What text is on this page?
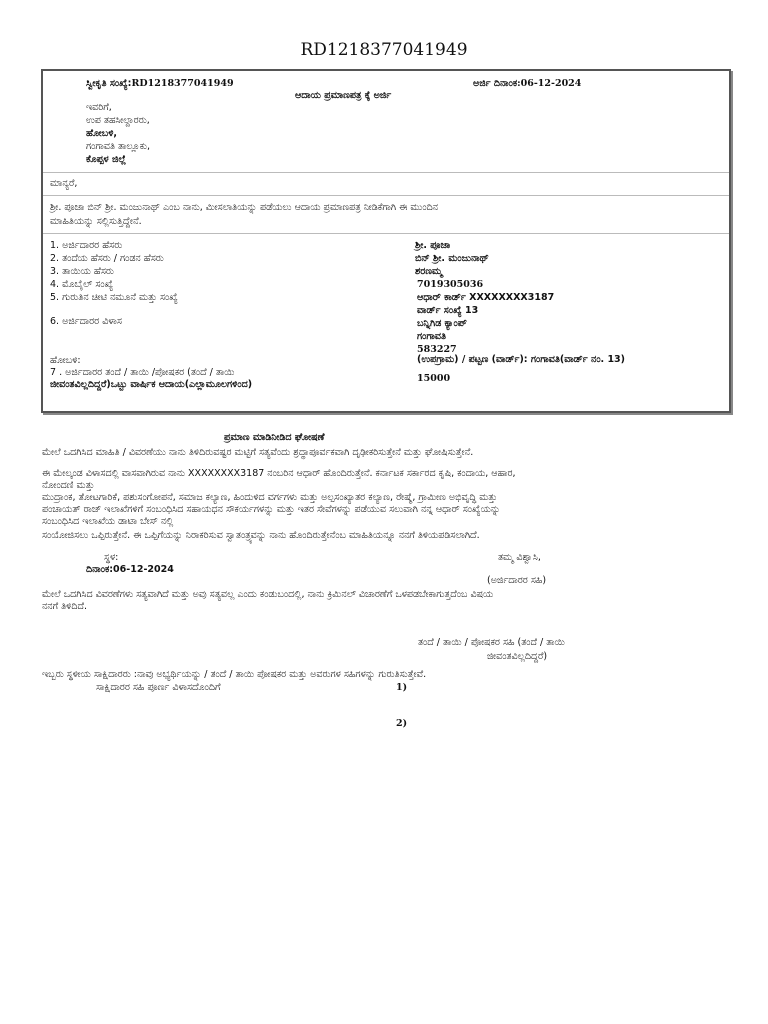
RD1218377041949
ಸ್ವೀಕೃತಿ ಸಂಖ್ಯೆ:RD1218377041949	ಅರ್ಜಿ ದಿನಾಂಕ:06-12-2024
ಆದಾಯ ಪ್ರಮಾಣಪತ್ರ ಕ್ಕೆ ಅರ್ಜಿ
ಇವರಿಗೆ,
ಉಪ ತಹಸೀಲ್ದಾರರು,
ಹೋಬಳಿ,
ಗಂಗಾವತಿ ತಾಲ್ಲೂಕು,
ಕೊಪ್ಪಳ ಜಿಲ್ಲೆ
ಮಾನ್ಯರೆ,
ಶ್ರೀ. ಪೂಜಾ ಬಿನ್ ಶ್ರೀ. ಮಂಜುನಾಥ್ ಎಂಬ ನಾನು, ಮೀಸಲಾತಿಯನ್ನು ಪಡೆಯಲು ಆದಾಯ ಪ್ರಮಾಣಪತ್ರ ನೀಡಿಕೆಗಾಗಿ ಈ ಮುಂದಿನ
ಮಾಹಿತಿಯನ್ನು ಸಲ್ಲಿಸುತ್ತಿದ್ದೇನೆ.
1. ಅರ್ಜಿದಾರರ ಹೆಸರು
2. ತಂದೆಯ ಹೆಸರು / ಗಂಡನ ಹೆಸರು
3. ತಾಯಿಯ ಹೆಸರು
4. ಮೊಬೈಲ್ ಸಂಖ್ಯೆ
5. ಗುರುತಿನ ಚೀಟಿ ನಮೂನೆ ಮತ್ತು ಸಂಖ್ಯೆ
6. ಅರ್ಜಿದಾರರ ವಿಳಾಸ
ಹೋಬಳಿ:
7 . ಅರ್ಜಿದಾರರ ತಂದೆ / ತಾಯಿ /ಪೋಷಕರ (ತಂದೆ / ತಾಯಿ
ಜೀವಂತವಿಲ್ಲದಿದ್ದರೆ)ಒಟ್ಟು ವಾರ್ಷಿಕ ಆದಾಯ(ಎಲ್ಲಾಮೂಲಗಳಿಂದ)
ಶ್ರೀ. ಪೂಜಾ
ಬಿನ್ ಶ್ರೀ. ಮಂಜುನಾಥ್
ಶರಣಮ್ಮ
7019305036
ಆಧಾರ್ ಕಾರ್ಡ್ XXXXXXXX3187
ವಾರ್ಡ್ ಸಂಖ್ಯೆ 13
ಬನ್ನಿಗಿಡ ಕ್ಯಾಂಪ್
ಗಂಗಾವತಿ
583227
(ಉಪಗ್ರಾಮ) / ಪಟ್ಟಣ (ವಾರ್ಡ್): ಗಂಗಾವತಿ(ವಾರ್ಡ್ ನಂ. 13)
15000
ಪ್ರಮಾಣ ಮಾಡಿನೀಡಿದ ಘೋಷಣೆ
ಮೇಲೆ ಒದಗಿಸಿದ ಮಾಹಿತಿ / ವಿವರಣೆಯು ನಾನು ತಿಳಿದಿರುವಷ್ಟರ ಮಟ್ಟಿಗೆ ಸತ್ಯವೆಂದು ಶ್ರದ್ಧಾಪೂರ್ವಕವಾಗಿ ದೃಢೀಕರಿಸುತ್ತೇನೆ ಮತ್ತು ಘೋಷಿಸುತ್ತೇನೆ.
ಈ ಮೇಲ್ಕಂಡ ವಿಳಾಸದಲ್ಲಿ ವಾಸವಾಗಿರುವ ನಾನು XXXXXXXX3187 ನಂಬರಿನ ಆಧಾರ್ ಹೊಂದಿರುತ್ತೇನೆ. ಕರ್ನಾಟಕ ಸರ್ಕಾರದ ಕೃಷಿ, ಕಂದಾಯ, ಆಹಾರ,
ನೋಂದಣಿ ಮತ್ತು
ಮುದ್ರಾಂಕ, ತೋಟಗಾರಿಕೆ, ಪಶುಸಂಗೋಪನೆ, ಸಮಾಜ ಕಲ್ಯಾಣ, ಹಿಂದುಳಿದ ವರ್ಗಗಳು ಮತ್ತು ಅಲ್ಪಸಂಖ್ಯಾತರ ಕಲ್ಯಾಣ, ರೇಷ್ಮೆ, ಗ್ರಾಮೀಣ ಅಭಿವೃದ್ಧಿ ಮತ್ತು
ಪಂಚಾಯತ್ ರಾಜ್ ಇಲಾಖೆಗಳಿಗೆ ಸಂಬಂಧಿಸಿದ ಸಹಾಯಧನ ಸೌಕರ್ಯಗಳನ್ನು ಮತ್ತು ಇತರ ಸೇವೆಗಳನ್ನು ಪಡೆಯುವ ಸಲುವಾಗಿ ನನ್ನ ಆಧಾರ್ ಸಂಖ್ಯೆಯನ್ನು
ಸಂಬಂಧಿಸಿದ ಇಲಾಖೆಯ ಡಾಟಾ ಬೇಸ್ ನಲ್ಲಿ
ಸಂಯೋಜಿಸಲು ಒಪ್ಪಿರುತ್ತೇನೆ. ಈ ಒಪ್ಪಿಗೆಯನ್ನು ನಿರಾಕರಿಸುವ ಸ್ವಾತಂತ್ರ್ಯವನ್ನು ನಾನು ಹೊಂದಿರುತ್ತೇನೆಂಬ ಮಾಹಿತಿಯನ್ನೂ ನನಗೆ ತಿಳಿಯಪಡಿಸಲಾಗಿದೆ.
ಸ್ಥಳ:
ದಿನಾಂಕ:06-12-2024
ತಮ್ಮ ವಿಶ್ವಾಸಿ,
(ಅರ್ಜಿದಾರರ ಸಹಿ)
ಮೇಲೆ ಒದಗಿಸಿದ ವಿವರಣೆಗಳು ಸತ್ಯವಾಗಿದೆ ಮತ್ತು ಅವು ಸತ್ಯವಲ್ಲ ಎಂದು ಕಂಡುಬಂದಲ್ಲಿ, ನಾನು ಕ್ರಿಮಿನಲ್ ವಿಚಾರಣೆಗೆ ಒಳಪಡಬೇಕಾಗುತ್ತದೆಂಬ ವಿಷಯ
ನನಗೆ ತಿಳಿದಿದೆ.
ತಂದೆ / ತಾಯಿ / ಪೋಷಕರ ಸಹಿ (ತಂದೆ / ತಾಯಿ
ಜೀವಂತವಿಲ್ಲದಿದ್ದರೆ)
ಇಬ್ಬರು ಸ್ಥಳೀಯ ಸಾಕ್ಷಿದಾರರು :ನಾವು ಅಭ್ಯರ್ಥಿಯನ್ನು / ತಂದೆ / ತಾಯಿ ಪೋಷಕರ ಮತ್ತು ಅವರುಗಳ ಸಹಿಗಳನ್ನು ಗುರುತಿಸುತ್ತೇವೆ.
ಸಾಕ್ಷಿದಾರರ ಸಹಿ ಪೂರ್ಣ ವಿಳಾಸದೊಂದಿಗೆ	1)
2)
